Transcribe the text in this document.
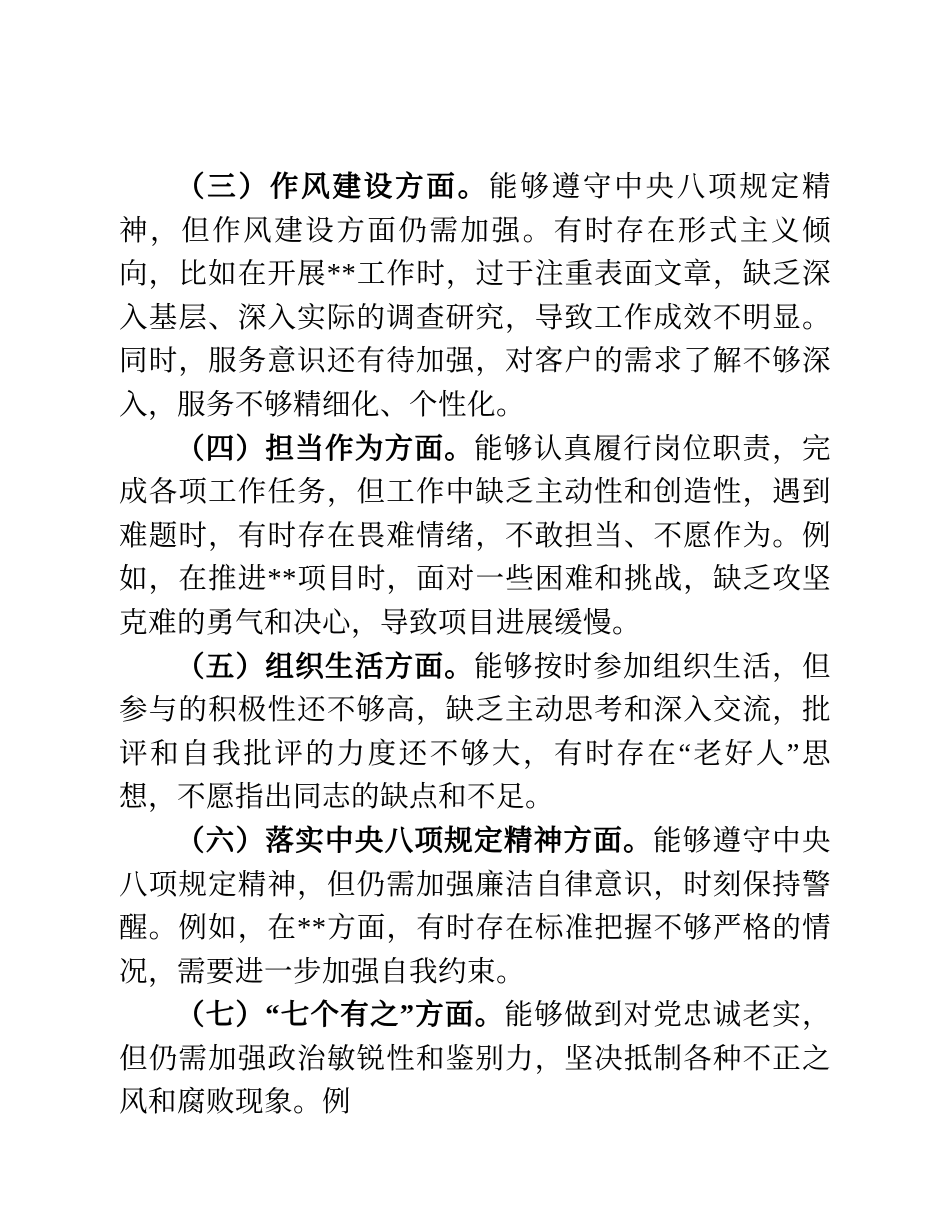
（三）作风建设方面。能够遵守中央八项规定精神，但作风建设方面仍需加强。有时存在形式主义倾向，比如在开展**工作时，过于注重表面文章，缺乏深入基层、深入实际的调查研究，导致工作成效不明显。同时，服务意识还有待加强，对客户的需求了解不够深入，服务不够精细化、个性化。

（四）担当作为方面。能够认真履行岗位职责，完成各项工作任务，但工作中缺乏主动性和创造性，遇到难题时，有时存在畏难情绪，不敢担当、不愿作为。例如，在推进**项目时，面对一些困难和挑战，缺乏攻坚克难的勇气和决心，导致项目进展缓慢。

（五）组织生活方面。能够按时参加组织生活，但参与的积极性还不够高，缺乏主动思考和深入交流，批评和自我批评的力度还不够大，有时存在“老好人”思想，不愿指出同志的缺点和不足。

（六）落实中央八项规定精神方面。能够遵守中央八项规定精神，但仍需加强廉洁自律意识，时刻保持警醒。例如，在**方面，有时存在标准把握不够严格的情况，需要进一步加强自我约束。

（七）“七个有之”方面。能够做到对党忠诚老实，但仍需加强政治敏锐性和鉴别力，坚决抵制各种不正之风和腐败现象。例
